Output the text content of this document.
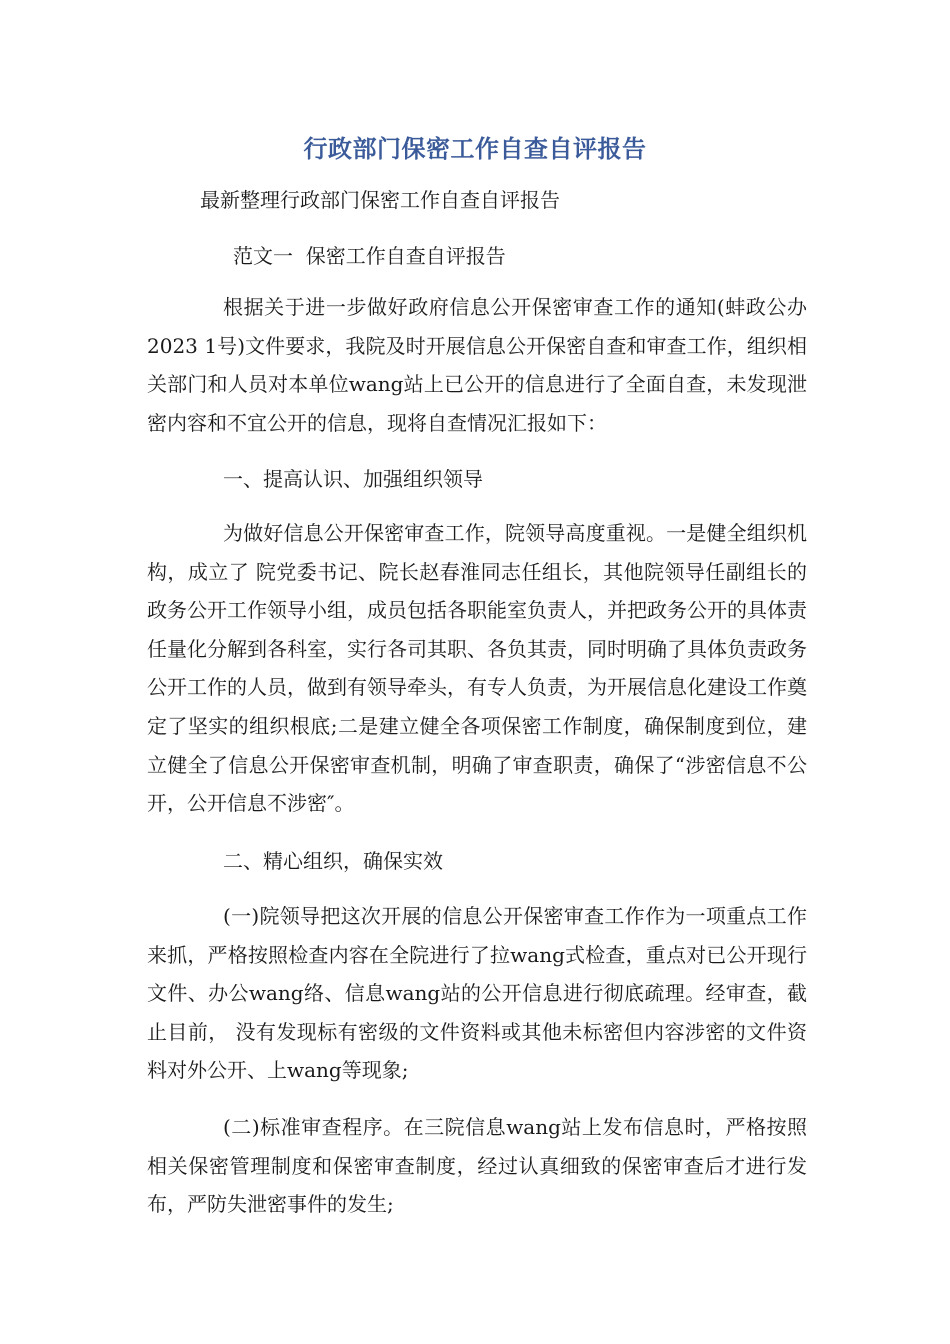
行政部门保密工作自查自评报告
最新整理行政部门保密工作自查自评报告
范文一  保密工作自查自评报告
根据关于进一步做好政府信息公开保密审查工作的通知(蚌政公办 2023 1号)文件要求，我院及时开展信息公开保密自查和审查工作，组织相关部门和人员对本单位wang站上已公开的信息进行了全面自查，未发现泄密内容和不宜公开的信息，现将自查情况汇报如下：
一、提高认识、加强组织领导
为做好信息公开保密审查工作，院领导高度重视。一是健全组织机构，成立了 院党委书记、院长赵春淮同志任组长，其他院领导任副组长的政务公开工作领导小组，成员包括各职能室负责人，并把政务公开的具体责任量化分解到各科室，实行各司其职、各负其责，同时明确了具体负责政务公开工作的人员，做到有领导牵头，有专人负责，为开展信息化建设工作奠定了坚实的组织根底;二是建立健全各项保密工作制度，确保制度到位，建立健全了信息公开保密审查机制，明确了审查职责，确保了“涉密信息不公开，公开信息不涉密″。
二、精心组织，确保实效
(一)院领导把这次开展的信息公开保密审查工作作为一项重点工作来抓，严格按照检查内容在全院进行了拉wang式检查，重点对已公开现行文件、办公wang络、信息wang站的公开信息进行彻底疏理。经审查，截止目前， 没有发现标有密级的文件资料或其他未标密但内容涉密的文件资料对外公开、上wang等现象;
(二)标准审查程序。在三院信息wang站上发布信息时，严格按照相关保密管理制度和保密审查制度，经过认真细致的保密审查后才进行发布，严防失泄密事件的发生;
